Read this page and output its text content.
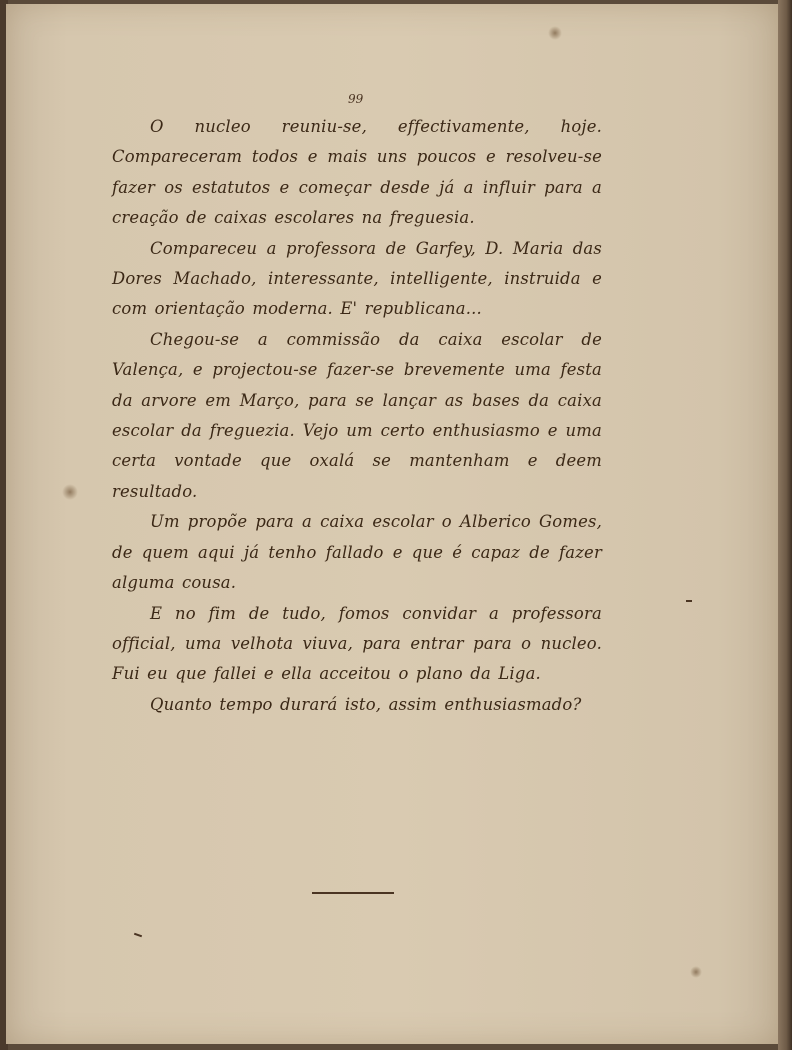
99

O nucleo reuniu-se, effectivamente, hoje. Compareceram todos e mais uns poucos e resolveu-se fazer os estatutos e começar desde já a influir para a creação de caixas escolares na freguesia.

Compareceu a professora de Garfey, D. Maria das Dores Machado, interessante, intelligente, instruida e com orientação moderna. E' republicana...

Chegou-se a commissão da caixa escolar de Valença, e projectou-se fazer-se brevemente uma festa da arvore em Março, para se lançar as bases da caixa escolar da freguezia. Vejo um certo enthusiasmo e uma certa vontade que oxalá se mantenham e deem resultado.

Um propõe para a caixa escolar o Alberico Gomes, de quem aqui já tenho fallado e que é capaz de fazer alguma cousa.

E no fim de tudo, fomos convidar a professora official, uma velhota viuva, para entrar para o nucleo. Fui eu que fallei e ella acceitou o plano da Liga.

Quanto tempo durará isto, assim enthusiasmado?
